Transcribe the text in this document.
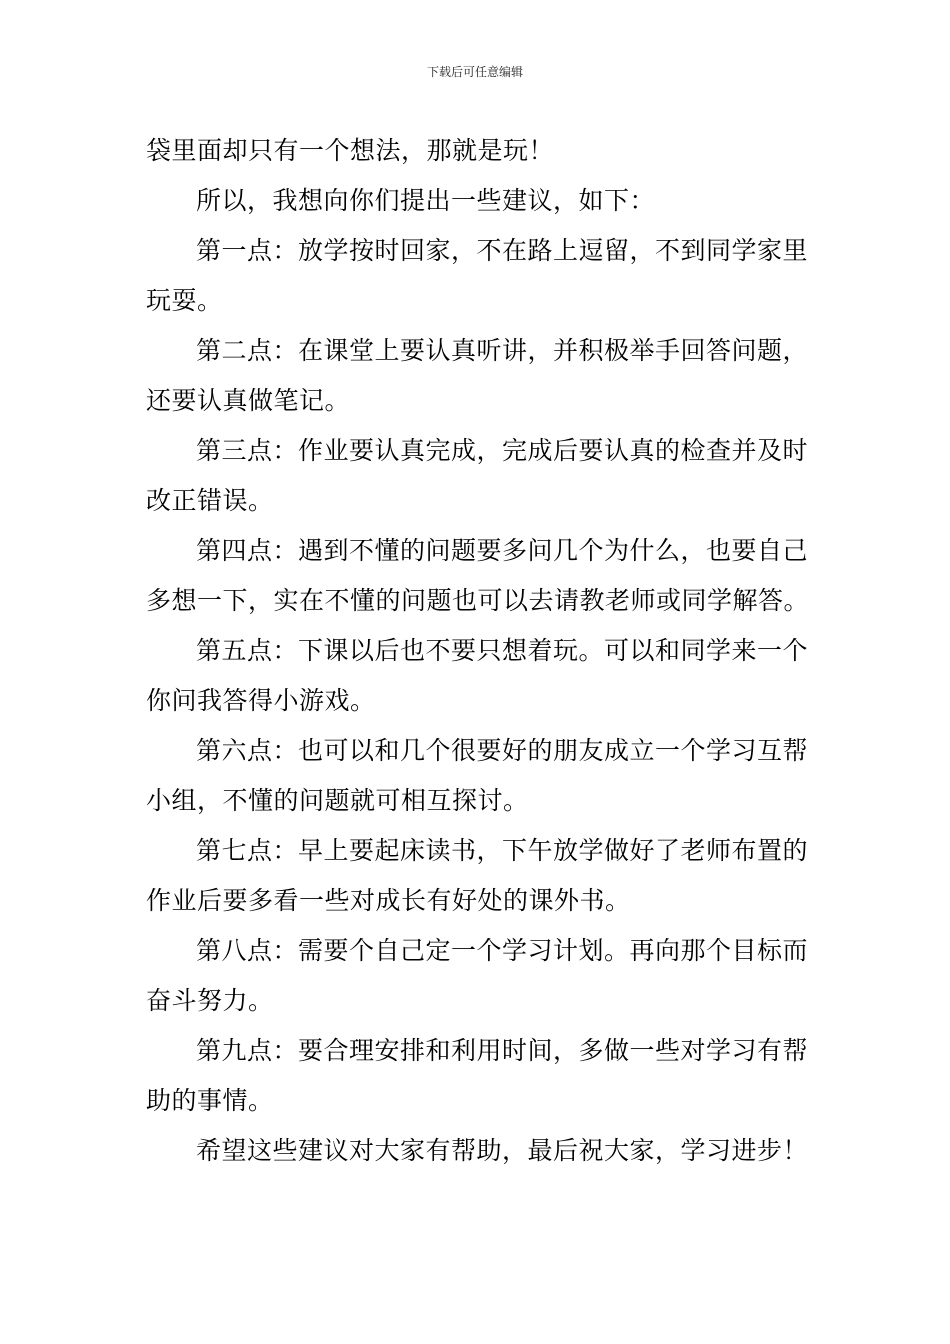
下载后可任意编辑

袋里面却只有一个想法，那就是玩！

所以，我想向你们提出一些建议，如下：

第一点：放学按时回家，不在路上逗留，不到同学家里玩耍。

第二点：在课堂上要认真听讲，并积极举手回答问题，还要认真做笔记。

第三点：作业要认真完成，完成后要认真的检查并及时改正错误。

第四点：遇到不懂的问题要多问几个为什么，也要自己多想一下，实在不懂的问题也可以去请教老师或同学解答。

第五点：下课以后也不要只想着玩。可以和同学来一个你问我答得小游戏。

第六点：也可以和几个很要好的朋友成立一个学习互帮小组，不懂的问题就可相互探讨。

第七点：早上要起床读书，下午放学做好了老师布置的作业后要多看一些对成长有好处的课外书。

第八点：需要个自己定一个学习计划。再向那个目标而奋斗努力。

第九点：要合理安排和利用时间，多做一些对学习有帮助的事情。

希望这些建议对大家有帮助，最后祝大家，学习进步！
